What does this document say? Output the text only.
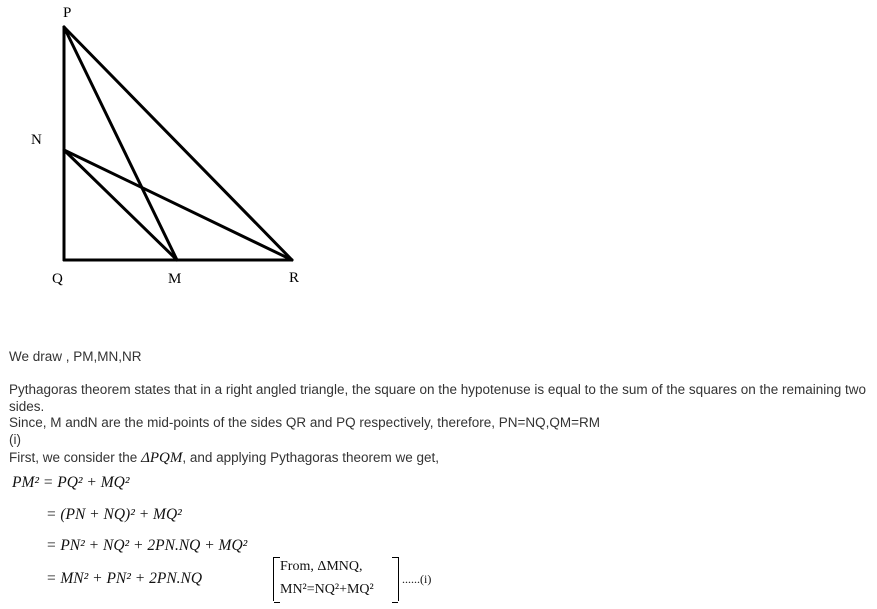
P
N
Q	M	R
We draw , PM,MN,NR
Pythagoras theorem states that in a right angled triangle, the square on the hypotenuse is equal to the sum of the squares on the remaining two sides.
Since, M andN are the mid-points of the sides QR and PQ respectively, therefore, PN=NQ,QM=RM
(i)
First, we consider the ΔPQM, and applying Pythagoras theorem we get,
PM² = PQ² + MQ²
= (PN + NQ)² + MQ²
= PN² + NQ² + 2PN.NQ + MQ²
= MN² + PN² + 2PN.NQ
From, ΔMNQ,
MN²=NQ²+MQ²
......(i)
